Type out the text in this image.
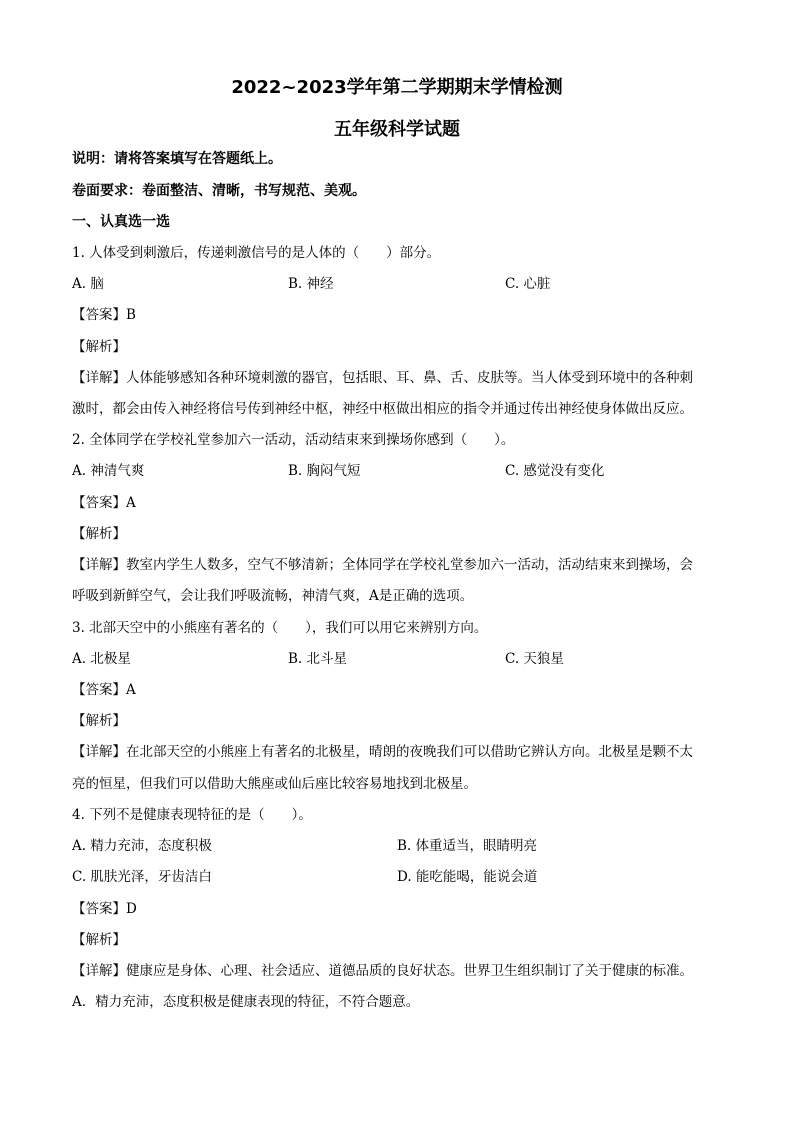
2022~2023学年第二学期期末学情检测
五年级科学试题
说明：请将答案填写在答题纸上。
卷面要求：卷面整洁、清晰，书写规范、美观。
一、认真选一选
1. 人体受到刺激后，传递刺激信号的是人体的（　　）部分。
A. 脑	B. 神经	C. 心脏
【答案】B
【解析】
【详解】人体能够感知各种环境刺激的器官，包括眼、耳、鼻、舌、皮肤等。当人体受到环境中的各种刺
激时，都会由传入神经将信号传到神经中枢，神经中枢做出相应的指令并通过传出神经使身体做出反应。
2. 全体同学在学校礼堂参加六一活动，活动结束来到操场你感到（　　）。
A. 神清气爽	B. 胸闷气短	C. 感觉没有变化
【答案】A
【解析】
【详解】教室内学生人数多，空气不够清新；全体同学在学校礼堂参加六一活动，活动结束来到操场，会
呼吸到新鲜空气，会让我们呼吸流畅，神清气爽，A是正确的选项。
3. 北部天空中的小熊座有著名的（　　），我们可以用它来辨别方向。
A. 北极星	B. 北斗星	C. 天狼星
【答案】A
【解析】
【详解】在北部天空的小熊座上有著名的北极星，晴朗的夜晚我们可以借助它辨认方向。北极星是颗不太
亮的恒星，但我们可以借助大熊座或仙后座比较容易地找到北极星。
4. 下列不是健康表现特征的是（　　）。
A. 精力充沛，态度积极	B. 体重适当，眼睛明亮
C. 肌肤光泽，牙齿洁白	D. 能吃能喝，能说会道
【答案】D
【解析】
【详解】健康应是身体、心理、社会适应、道德品质的良好状态。世界卫生组织制订了关于健康的标准。
A．精力充沛，态度积极是健康表现的特征，不符合题意。
